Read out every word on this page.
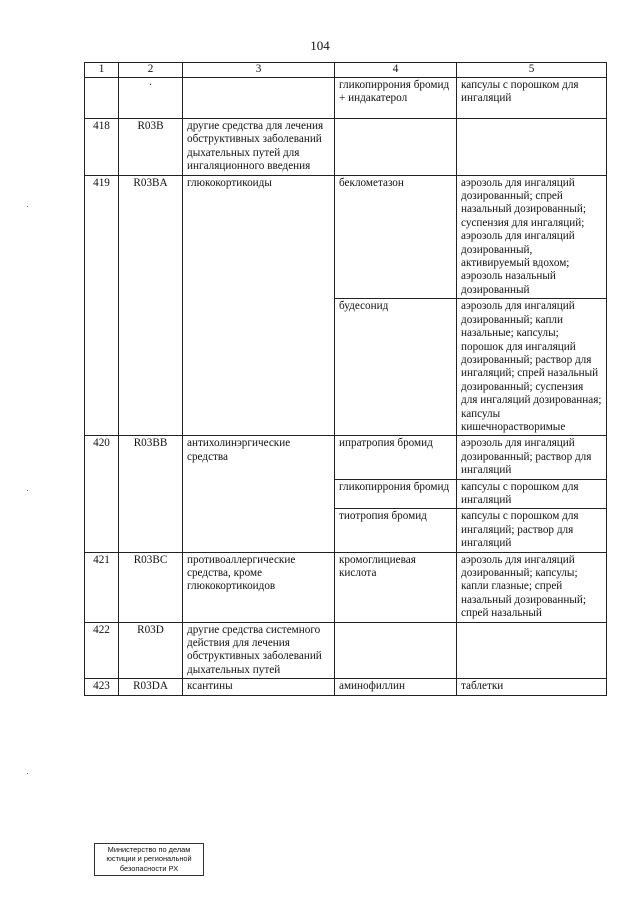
104
1	2	3	4	5
	·		гликопиррония бромид + индакатерол	капсулы с порошком для ингаляций
418	R03B	другие средства для лечения обструктивных заболеваний дыхательных путей для ингаляционного введения		
419	R03BA	глюкокортикоиды	беклометазон	аэрозоль для ингаляций дозированный; спрей назальный дозированный; суспензия для ингаляций; аэрозоль для ингаляций дозированный, активируемый вдохом; аэрозоль назальный дозированный
			будесонид	аэрозоль для ингаляций дозированный; капли назальные; капсулы; порошок для ингаляций дозированный; раствор для ингаляций; спрей назальный дозированный; суспензия для ингаляций дозированная; капсулы кишечнорастворимые
420	R03BB	антихолинэргические средства	ипратропия бромид	аэрозоль для ингаляций дозированный; раствор для ингаляций
			гликопиррония бромид	капсулы с порошком для ингаляций
			тиотропия бромид	капсулы с порошком для ингаляций; раствор для ингаляций
421	R03BC	противоаллергические средства, кроме глюкокортикоидов	кромоглициевая кислота	аэрозоль для ингаляций дозированный; капсулы; капли глазные; спрей назальный дозированный; спрей назальный
422	R03D	другие средства системного действия для лечения обструктивных заболеваний дыхательных путей		
423	R03DA	ксантины	аминофиллин	таблетки
Министерство по делам
юстиции и региональной
безопасности РХ
